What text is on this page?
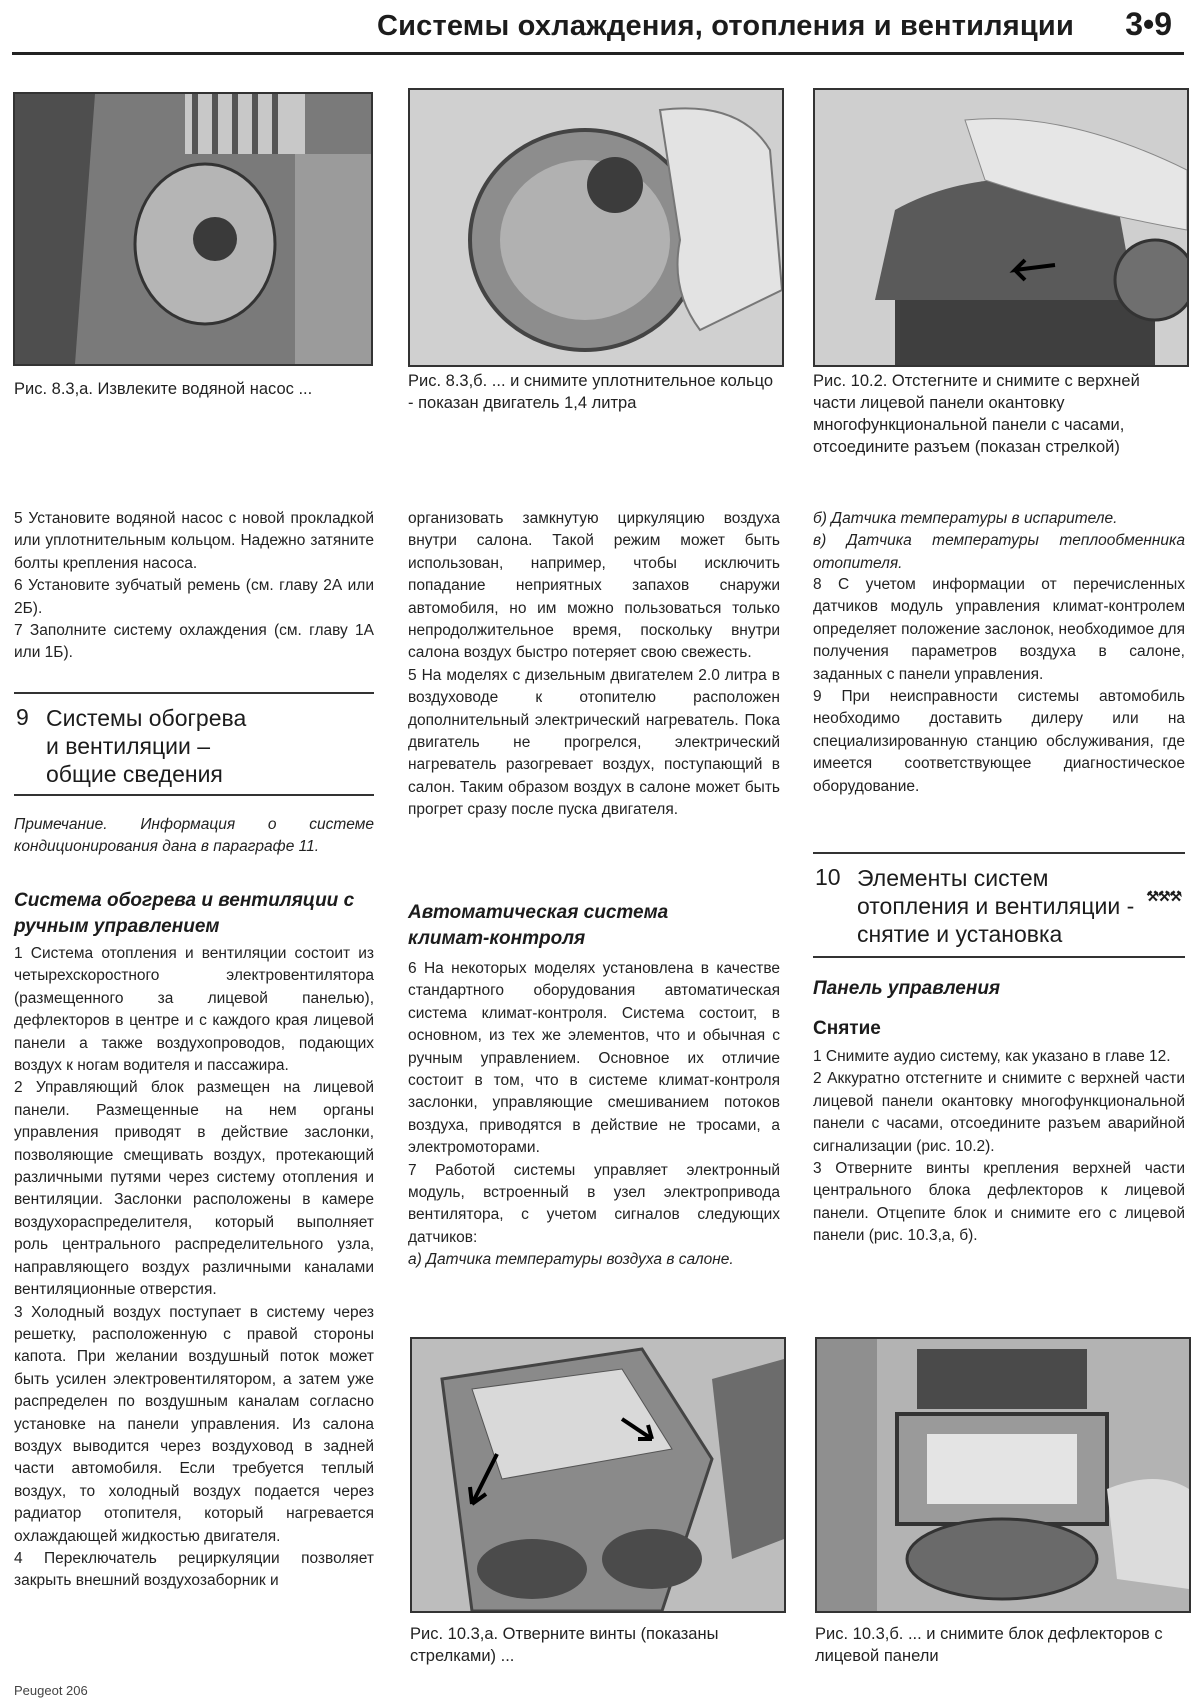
Системы охлаждения, отопления и вентиляции 3•9
Рис. 8.3,а. Извлеките водяной насос ...	Рис. 8.3,б. ... и снимите уплотнительное кольцо - показан двигатель 1,4 литра
Рис. 10.2. Отстегните и снимите с верхней части лицевой панели окантовку многофункциональной панели с часами, отсоедините разъем (показан стрелкой)

5 Установите водяной насос с новой прокладкой или уплотнительным кольцом. Надежно затяните болты крепления насоса.

6 Установите зубчатый ремень (см. главу 2А или 2Б).

7 Заполните систему охлаждения (см. главу 1А или 1Б).

9 Системы обогрева
и вентиляции –
общие сведения

Примечание. Информация о системе кондиционирования дана в параграфе 11.

Система обогрева и вентиляции с ручным управлением

1 Система отопления и вентиляции состоит из четырехскоростного электровентилятора (размещенного за лицевой панелью), дефлекторов в центре и с каждого края лицевой панели а также воздухопроводов, подающих воздух к ногам водителя и пассажира.

2 Управляющий блок размещен на лицевой панели. Размещенные на нем органы управления приводят в действие заслонки, позволяющие смещивать воздух, протекающий различными путями через систему отопления и вентиляции. Заслонки расположены в камере воздухораспределителя, который выполняет роль центрального распределительного узла, направляющего воздух различными каналами вентиляционные отверстия.

3 Холодный воздух поступает в систему через решетку, расположенную с правой стороны капота. При желании воздушный поток может быть усилен электровентилятором, а затем уже распределен по воздушным каналам согласно установке на панели управления. Из салона воздух выводится через воздуховод в задней части автомобиля. Если требуется теплый воздух, то холодный воздух подается через радиатор отопителя, который нагревается охлаждающей жидкостью двигателя.

4 Переключатель рециркуляции позволяет закрыть внешний воздухозаборник и

организовать замкнутую циркуляцию воздуха внутри салона. Такой режим может быть использован, например, чтобы исключить попадание неприятных запахов снаружи автомобиля, но им можно пользоваться только непродолжительное время, поскольку внутри салона воздух быстро потеряет свою свежесть.

5 На моделях с дизельным двигателем 2.0 литра в воздуховоде к отопителю расположен дополнительный электрический нагреватель. Пока двигатель не прогрелся, электрический нагреватель разогревает воздух, поступающий в салон. Таким образом воздух в салоне может быть прогрет сразу после пуска двигателя.

Автоматическая система климат-контроля

6 На некоторых моделях установлена в качестве стандартного оборудования автоматическая система климат-контроля. Система состоит, в основном, из тех же элементов, что и обычная с ручным управлением. Основное их отличие состоит в том, что в системе климат-контроля заслонки, управляющие смешиванием потоков воздуха, приводятся в действие не тросами, а электромоторами.

7 Работой системы управляет электронный модуль, встроенный в узел электропривода вентилятора, с учетом сигналов следующих датчиков:

а) Датчика температуры воздуха в салоне.

б) Датчика температуры в испарителе.

в) Датчика температуры теплообменника отопителя.

8 С учетом информации от перечисленных датчиков модуль управления климат-контролем определяет положение заслонок, необходимое для получения параметров воздуха в салоне, заданных с панели управления.

9 При неисправности системы автомобиль необходимо доставить дилеру или на специализированную станцию обслуживания, где имеется соответствующее диагностическое оборудование.

10 Элементы систем
отопления и вентиляции -
снятие и установка
⚒⚒⚒
Панель управления
Снятие

1 Снимите аудио систему, как указано в главе 12.

2 Аккуратно отстегните и снимите с верхней части лицевой панели окантовку многофункциональной панели с часами, отсоедините разъем аварийной сигнализации (рис. 10.2).

3 Отверните винты крепления верхней части центрального блока дефлекторов к лицевой панели. Отцепите блок и снимите его с лицевой панели (рис. 10.3,а, б).

Рис. 10.3,а. Отверните винты (показаны стрелками) ...
Рис. 10.3,б. ... и снимите блок дефлекторов с лицевой панели
Peugeot 206
